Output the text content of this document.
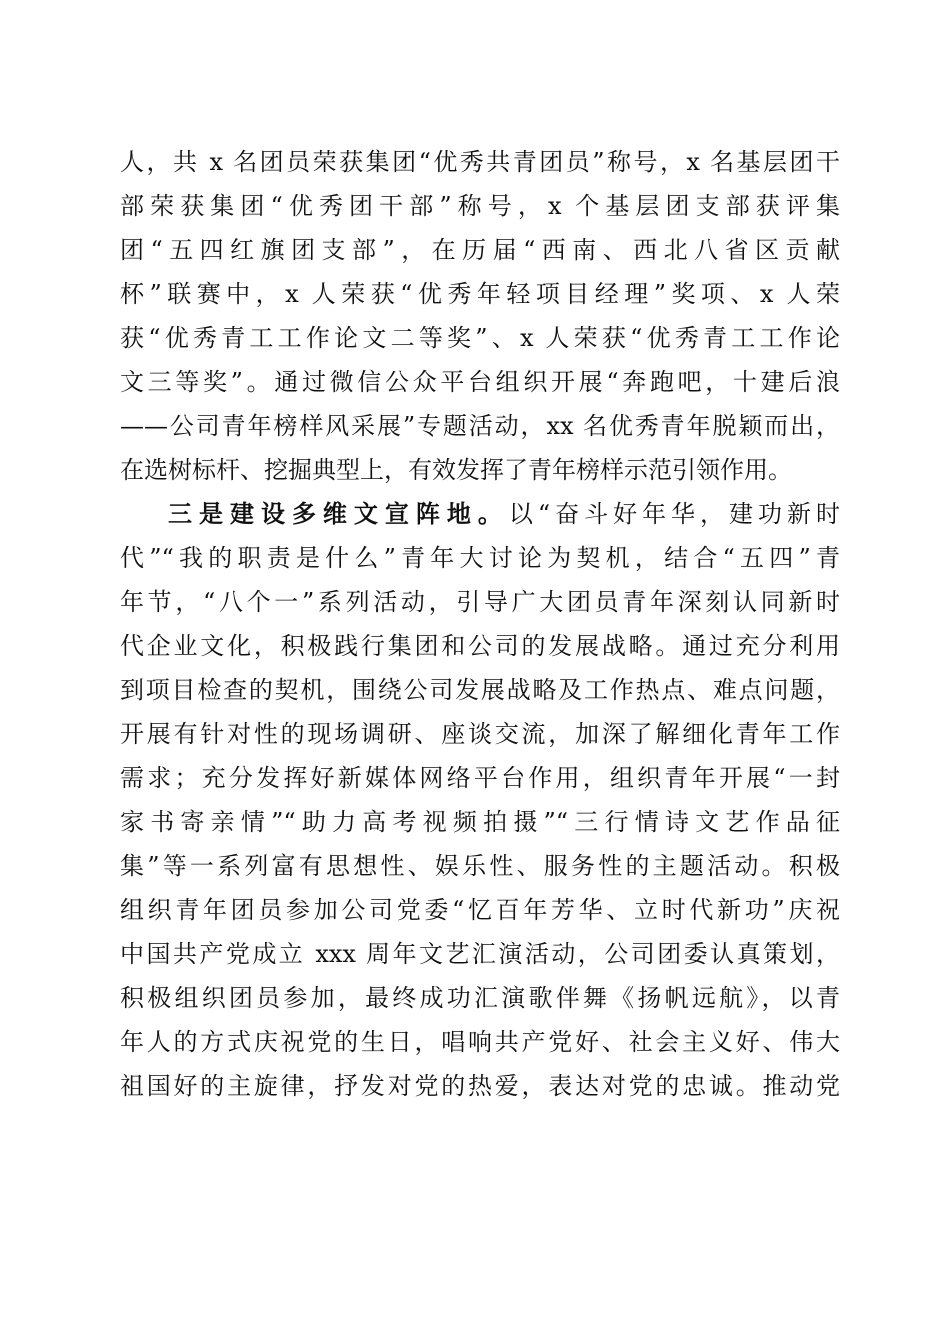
人，共 x 名团员荣获集团“优秀共青团员”称号，x 名基层团干
部荣获集团“优秀团干部”称号，x 个基层团支部获评集
团“五四红旗团支部”，在历届“西南、西北八省区贡献
杯”联赛中，x 人荣获“优秀年轻项目经理”奖项、x 人荣
获“优秀青工工作论文二等奖”、x 人荣获“优秀青工工作论
文三等奖”。通过微信公众平台组织开展“奔跑吧，十建后浪
——公司青年榜样风采展”专题活动，xx 名优秀青年脱颖而出，
在选树标杆、挖掘典型上，有效发挥了青年榜样示范引领作用。
三是建设多维文宣阵地。以“奋斗好年华，建功新时
代”“我的职责是什么”青年大讨论为契机，结合“五四”青
年节，“八个一”系列活动，引导广大团员青年深刻认同新时
代企业文化，积极践行集团和公司的发展战略。通过充分利用
到项目检查的契机，围绕公司发展战略及工作热点、难点问题，
开展有针对性的现场调研、座谈交流，加深了解细化青年工作
需求；充分发挥好新媒体网络平台作用，组织青年开展“一封
家书寄亲情”“助力高考视频拍摄”“三行情诗文艺作品征
集”等一系列富有思想性、娱乐性、服务性的主题活动。积极
组织青年团员参加公司党委“忆百年芳华、立时代新功”庆祝
中国共产党成立 xxx 周年文艺汇演活动，公司团委认真策划，
积极组织团员参加，最终成功汇演歌伴舞《扬帆远航》，以青
年人的方式庆祝党的生日，唱响共产党好、社会主义好、伟大
祖国好的主旋律，抒发对党的热爱，表达对党的忠诚。推动党
